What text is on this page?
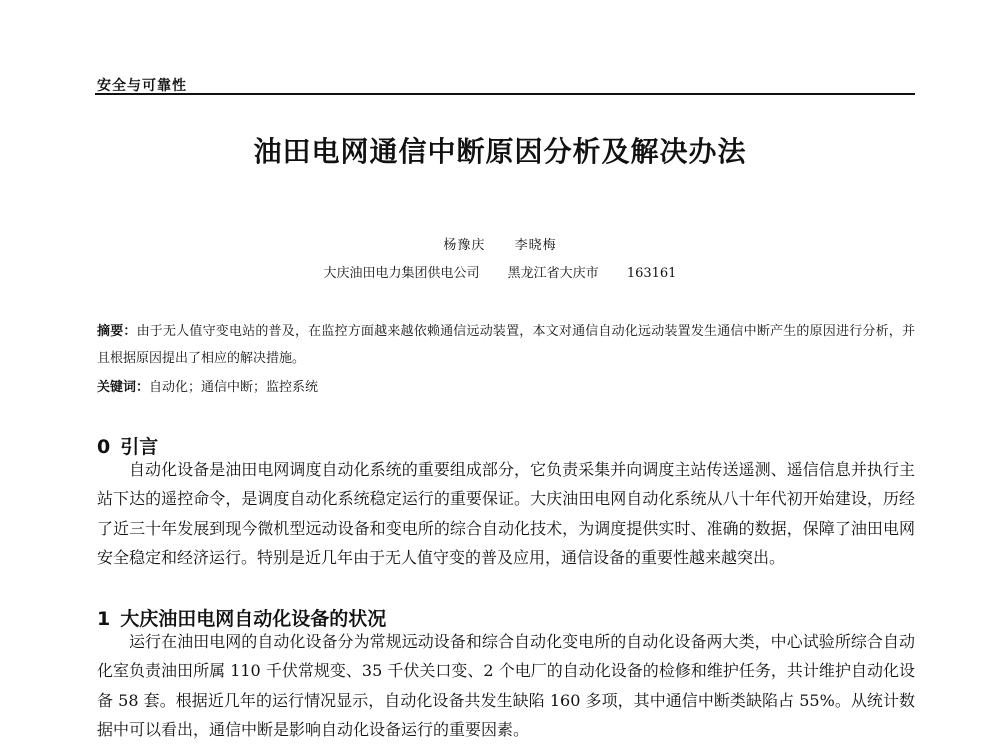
安全与可靠性
油田电网通信中断原因分析及解决办法
杨豫庆 李晓梅
大庆油田电力集团供电公司 黑龙江省大庆市 163161
摘要：由于无人值守变电站的普及，在监控方面越来越依赖通信远动装置，本文对通信自动化远动装置发生通信中断产生的原因进行分析，并且根据原因提出了相应的解决措施。
关键词：自动化；通信中断；监控系统
0 引言
自动化设备是油田电网调度自动化系统的重要组成部分，它负责采集并向调度主站传送遥测、遥信信息并执行主站下达的遥控命令，是调度自动化系统稳定运行的重要保证。大庆油田电网自动化系统从八十年代初开始建设，历经了近三十年发展到现今微机型远动设备和变电所的综合自动化技术，为调度提供实时、准确的数据，保障了油田电网安全稳定和经济运行。特别是近几年由于无人值守变的普及应用，通信设备的重要性越来越突出。
1 大庆油田电网自动化设备的状况
运行在油田电网的自动化设备分为常规远动设备和综合自动化变电所的自动化设备两大类，中心试验所综合自动化室负责油田所属 110 千伏常规变、35 千伏关口变、2 个电厂的自动化设备的检修和维护任务，共计维护自动化设备 58 套。根据近几年的运行情况显示，自动化设备共发生缺陷 160 多项，其中通信中断类缺陷占 55%。从统计数据中可以看出，通信中断是影响自动化设备运行的重要因素。
